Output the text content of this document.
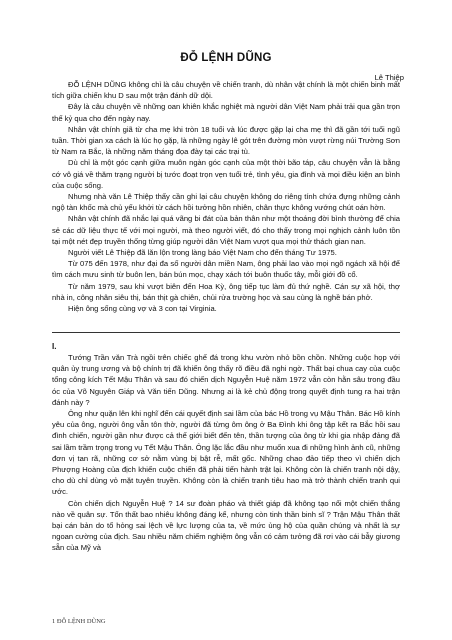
ĐỖ LỆNH DŨNG
Lê Thiệp

ĐỖ LỆNH DŨNG không chỉ là câu chuyện về chiến tranh, dù nhân vật chính là một chiến binh mất tích giữa chiến khu D sau một trận đánh dữ dội.

Đây là câu chuyện về những oan khiên khắc nghiệt mà người dân Việt Nam phải trải qua gần trọn thế kỷ qua cho đến ngày nay.

Nhân vật chính giã từ cha mẹ khi tròn 18 tuổi và lúc được gặp lại cha mẹ thì đã gần tới tuổi ngũ tuần. Thời gian xa cách là lúc họ gặp, là những ngày lê gót trên đường mòn vượt rừng núi Trường Sơn từ Nam ra Bắc, là những năm tháng đọa đày tại các trại tù.

Dù chỉ là một góc cạnh giữa muôn ngàn góc cạnh của một thời bão táp, câu chuyện vẫn là bằng cớ vô giá về thăm trạng người bị tước đoạt trọn vẹn tuổi trẻ, tình yêu, gia đình và mọi điều kiện an bình của cuộc sống.

Nhưng nhà văn Lê Thiệp thấy cần ghi lại câu chuyện không do riêng tính chứa đựng những cảnh ngộ tàn khốc mà chủ yếu khởi từ cách hồi tưởng hồn nhiên, chân thực không vướng chút oán hờn.

Nhân vật chính đã nhắc lại quá vãng bi đát của bản thân như một thoáng đời bình thường để chia sẻ các dữ liệu thực tế với mọi người, mà theo người viết, đó cho thấy trong mọi nghịch cảnh luôn tồn tại một nét đẹp truyền thống từng giúp người dân Việt Nam vượt qua mọi thử thách gian nan.

Người viết Lê Thiệp đã lăn lộn trong làng báo Việt Nam cho đến tháng Tư 1975.

Từ 075 đến 1978, như đại đa số người dân miền Nam, ông phải lao vào mọi ngõ ngách xã hội để tìm cách mưu sinh từ buôn len, bán bún mọc, chạy xách tới buôn thuốc tây, mỗi giới đồ cổ.

Từ năm 1979, sau khi vượt biên đến Hoa Kỳ, ông tiếp tục làm đủ thứ nghề. Cán sự xã hội, thợ nhà in, công nhân siêu thị, bán thịt gà chiên, chủi rửa trường học và sau cùng là nghề bán phở.

Hiện ông sống cùng vợ và 3 con tại Virginia.

I.

Tướng Trần văn Trà ngồi trên chiếc ghế đá trong khu vườn nhỏ bồn chồn. Những cuộc họp với quân ủy trung ương và bộ chính trị đã khiến ông thấy rõ điều đã nghi ngờ. Thất bại chua cay của cuộc tổng công kích Tết Mậu Thân và sau đó chiến dịch Nguyễn Huệ năm 1972 vẫn còn hằn sâu trong đầu óc của Võ Nguyên Giáp và Văn tiến Dũng. Nhưng ai là kẻ chủ động trong quyết định tung ra hai trận đánh này ?

Ông như quặn lên khi nghĩ đến cái quyết định sai lầm của bác Hồ trong vụ Mậu Thân. Bác Hồ kính yêu của ông, người ông vẫn tôn thờ, người đã từng ôm ông ở Ba Đình khi ông tập kết ra Bắc hồi sau đình chiến, người gần như được cả thế giới biết đến tên, thần tượng của ông từ khi gia nhập đảng đã sai lầm trầm trọng trong vụ Tết Mậu Thân. Ông lặc lắc đầu như muốn xua đi những hình ảnh cũ, những đơn vị tan rã, những cơ sở nằm vùng bị bật rễ, mất gốc. Những chao đảo tiếp theo vì chiến dịch Phượng Hoàng của địch khiến cuộc chiến đã phải tiến hành trật lại. Không còn là chiến tranh nội dậy, cho dù chỉ dùng vỏ mặt tuyên truyền. Không còn là chiến tranh tiêu hao mà trở thành chiến tranh qui ước.

Còn chiến dịch Nguyễn Huệ ? 14 sư đoàn pháo và thiết giáp đã không tạo nổi một chiến thắng nào về quân sự. Tổn thất bao nhiêu không đáng kể, nhưng còn tinh thần binh sĩ ? Trận Mậu Thân thất bại cán bản do tổ hỏng sai lệch về lực lượng của ta, về mức ủng hộ của quần chúng và nhất là sự ngoan cường của địch. Sau nhiều năm chiếm nghiệm ông vẫn có cảm tưởng đã rơi vào cái bẫy giương sẵn của Mỹ và

1 ĐỖ LỆNH DŨNG
